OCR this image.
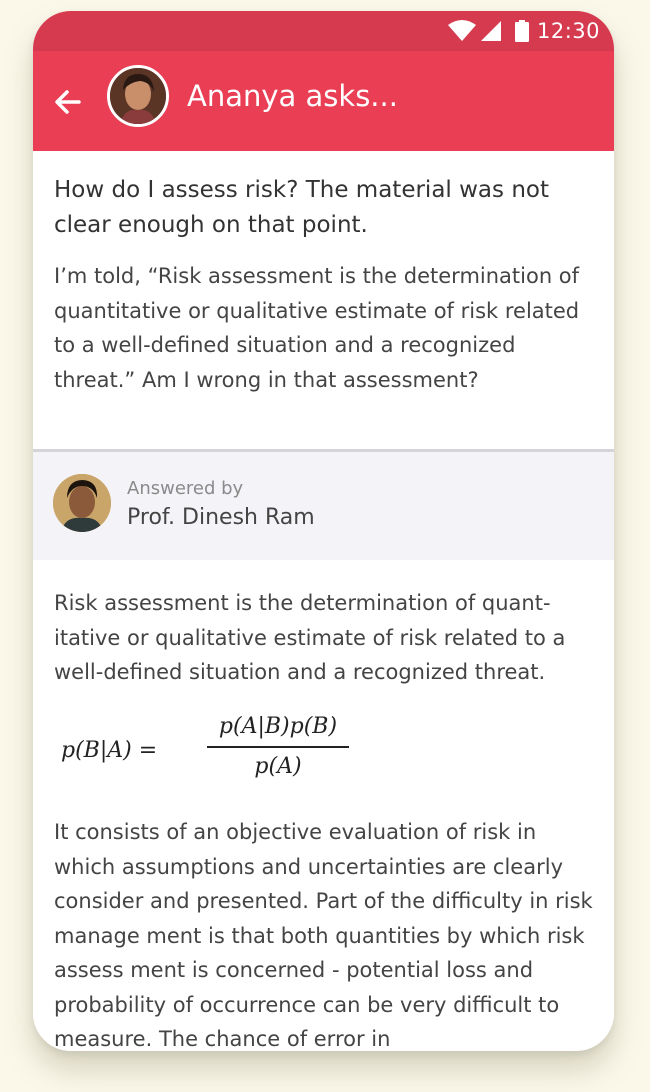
12:30
Ananya asks...
How do I assess risk? The material was not clear enough on that point.
I’m told, “Risk assessment is the determination of quantitative or qualitative estimate of risk related to a well-defined situation and a recognized threat.” Am I wrong in that assessment?
Answered by
Prof. Dinesh Ram
Risk assessment is the determination of quant-itative or qualitative estimate of risk related to a well-defined situation and a recognized threat.
p(B|A) =
p(A|B)p(B)
p(A)
It consists of an objective evaluation of risk in which assumptions and uncertainties are clearly consider and presented. Part of the difficulty in risk manage ment is that both quantities by which risk assess ment is concerned - potential loss and probability of occurrence can be very difficult to measure. The chance of error in
